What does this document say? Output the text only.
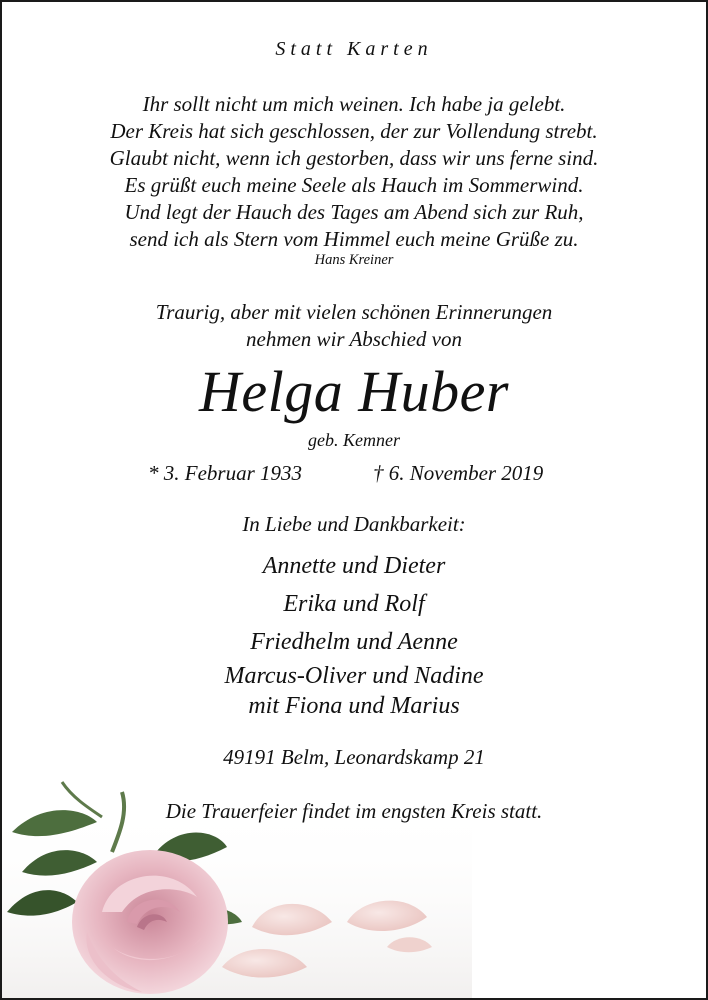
Statt Karten
Ihr sollt nicht um mich weinen. Ich habe ja gelebt.
Der Kreis hat sich geschlossen, der zur Vollendung strebt.
Glaubt nicht, wenn ich gestorben, dass wir uns ferne sind.
Es grüßt euch meine Seele als Hauch im Sommerwind.
Und legt der Hauch des Tages am Abend sich zur Ruh,
send ich als Stern vom Himmel euch meine Grüße zu.
Hans Kreiner
Traurig, aber mit vielen schönen Erinnerungen
nehmen wir Abschied von
Helga Huber
geb. Kemner
* 3. Februar 1933	† 6. November 2019
In Liebe und Dankbarkeit:
Annette und Dieter
Erika und Rolf
Friedhelm und Aenne
Marcus-Oliver und Nadine
mit Fiona und Marius
49191 Belm, Leonardskamp 21
Die Trauerfeier findet im engsten Kreis statt.
